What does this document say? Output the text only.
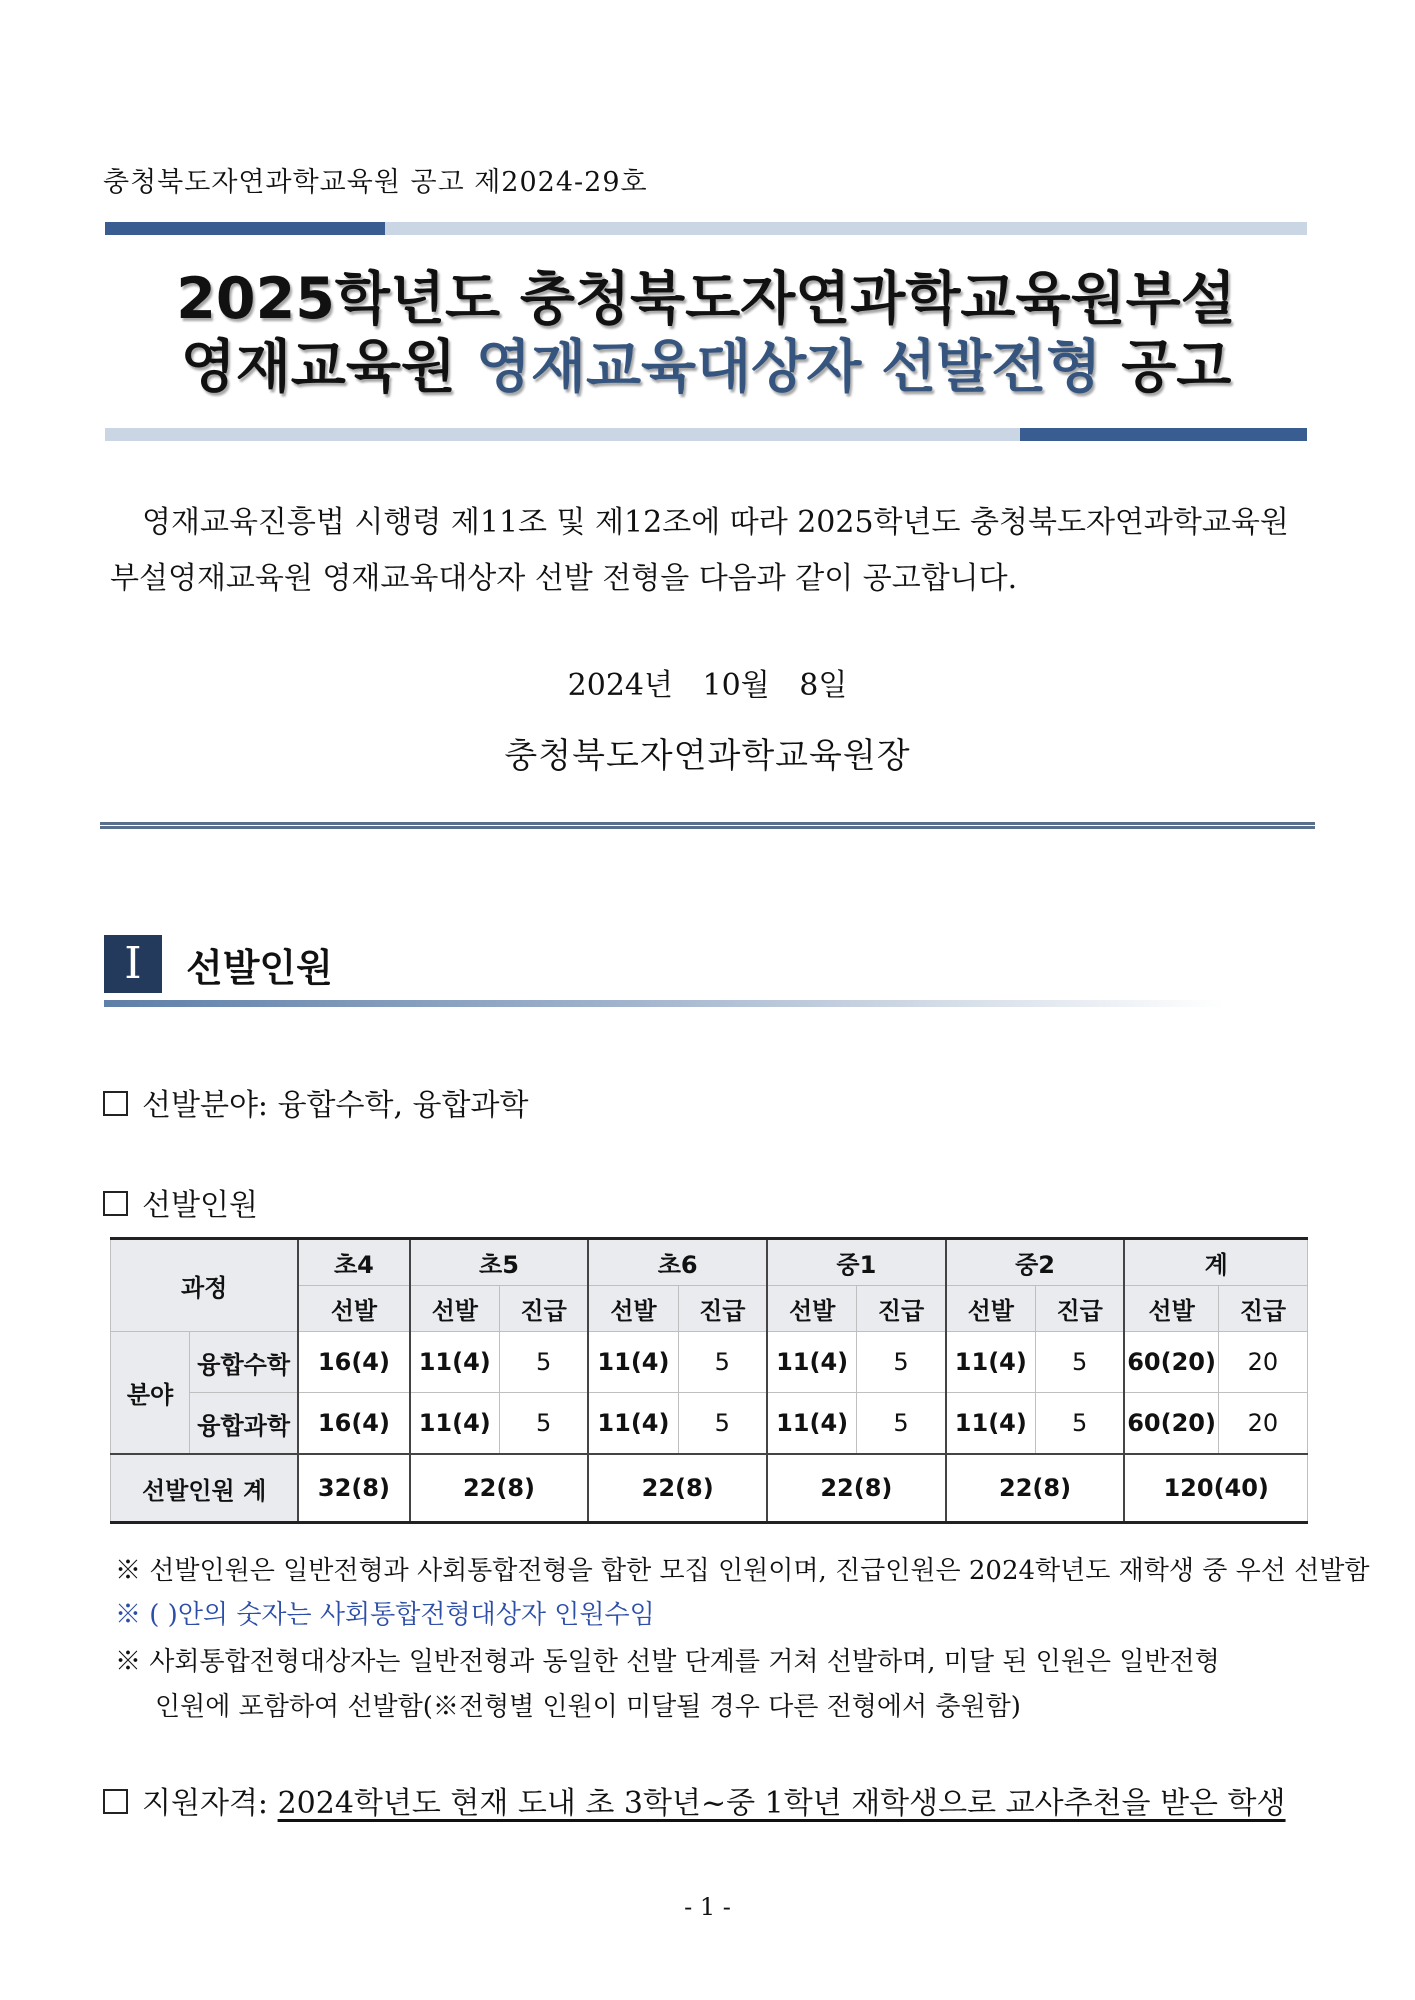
충청북도자연과학교육원 공고 제2024-29호
2025학년도 충청북도자연과학교육원부설
영재교육원 영재교육대상자 선발전형 공고
영재교육진흥법 시행령 제11조 및 제12조에 따라 2025학년도 충청북도자연과학교육원
부설영재교육원 영재교육대상자 선발 전형을 다음과 같이 공고합니다.
2024년 10월 8일
충청북도자연과학교육원장
Ⅰ	선발인원
선발분야: 융합수학, 융합과학
선발인원
과정		초4	초5		초6		중1		중2		계	
		선발	선발	진급	선발	진급	선발	진급	선발	진급	선발	진급
분야	융합수학	16(4)	11(4)	5	11(4)	5	11(4)	5	11(4)	5	60(20)	20
	융합과학	16(4)	11(4)	5	11(4)	5	11(4)	5	11(4)	5	60(20)	20
선발인원 계		32(8)	22(8)		22(8)		22(8)		22(8)		120(40)	
※ 선발인원은 일반전형과 사회통합전형을 합한 모집 인원이며, 진급인원은 2024학년도 재학생 중 우선 선발함
※ ( )안의 숫자는 사회통합전형대상자 인원수임
※ 사회통합전형대상자는 일반전형과 동일한 선발 단계를 거쳐 선발하며, 미달 된 인원은 일반전형
인원에 포함하여 선발함(※전형별 인원이 미달될 경우 다른 전형에서 충원함)
지원자격: 2024학년도 현재 도내 초 3학년~중 1학년 재학생으로 교사추천을 받은 학생
- 1 -
